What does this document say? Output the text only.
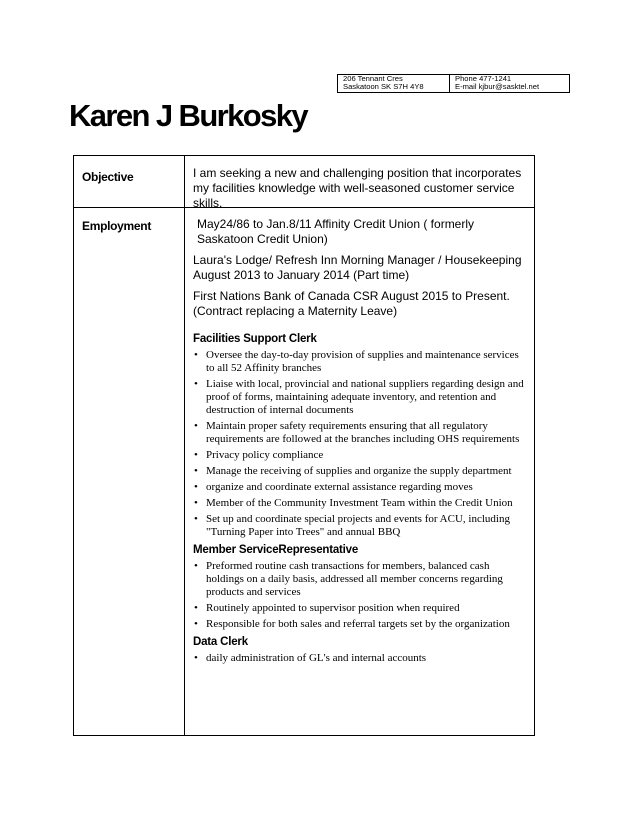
206 Tennant Cres
Saskatoon SK S7H 4Y8
Phone 477-1241
E-mail kjbur@sasktel.net
Karen J Burkosky
Objective	I am seeking a new and challenging position that incorporates my facilities knowledge with well-seasoned customer service skills.
Employment	May24/86 to Jan.8/11 Affinity Credit Union ( formerly Saskatoon Credit Union)

Laura's Lodge/ Refresh Inn Morning Manager / Housekeeping August 2013 to January 2014 (Part time)

First Nations Bank of Canada CSR August 2015 to Present. (Contract replacing a Maternity Leave)

Facilities Support Clerk
• Oversee the day-to-day provision of supplies and maintenance services to all 52 Affinity branches
• Liaise with local, provincial and national suppliers regarding design and proof of forms, maintaining adequate inventory, and retention and destruction of internal documents
• Maintain proper safety requirements ensuring that all regulatory requirements are followed at the branches including OHS requirements
• Privacy policy compliance
• Manage the receiving of supplies and organize the supply department
• organize and coordinate external assistance regarding moves
• Member of the Community Investment Team within the Credit Union
• Set up and coordinate special projects and events for ACU, including "Turning Paper into Trees" and annual BBQ
Member ServiceRepresentative
• Preformed routine cash transactions for members, balanced cash holdings on a daily basis, addressed all member concerns regarding products and services
• Routinely appointed to supervisor position when required
• Responsible for both sales and referral targets set by the organization
Data Clerk
• daily administration of GL's and internal accounts
